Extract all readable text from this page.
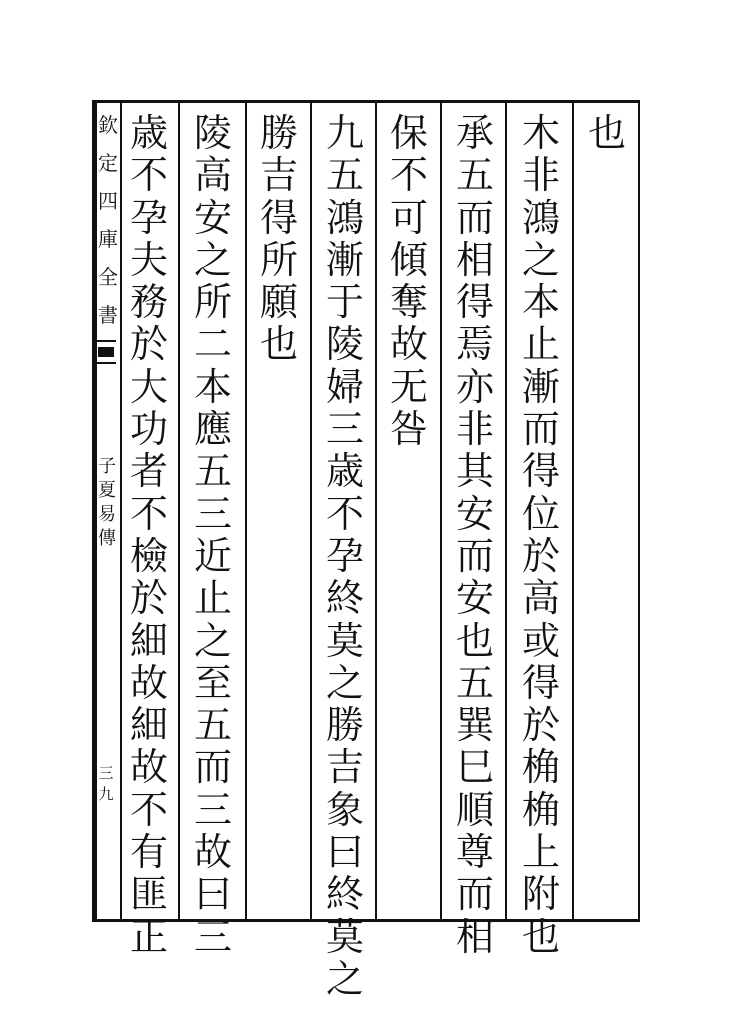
欽
定
四
庫
全
書
子
夏
易
傳
三九
也
木
非
鴻
之
本
止
漸
而
得
位
於
高
或
得
於
桷
桷
上
附
也
承
五
而
相
得
焉
亦
非
其
安
而
安
也
五
巽
巳
順
尊
而
相
保
不
可
傾
奪
故
无
咎
九
五
鴻
漸
于
陵
婦
三
歳
不
孕
終
莫
之
勝
吉
象
曰
終
莫
之
勝
吉
得
所
願
也
陵
高
安
之
所
二
本
應
五
三
近
止
之
至
五
而
三
故
曰
三
歳
不
孕
夫
務
於
大
功
者
不
檢
於
細
故
細
故
不
有
匪
正
